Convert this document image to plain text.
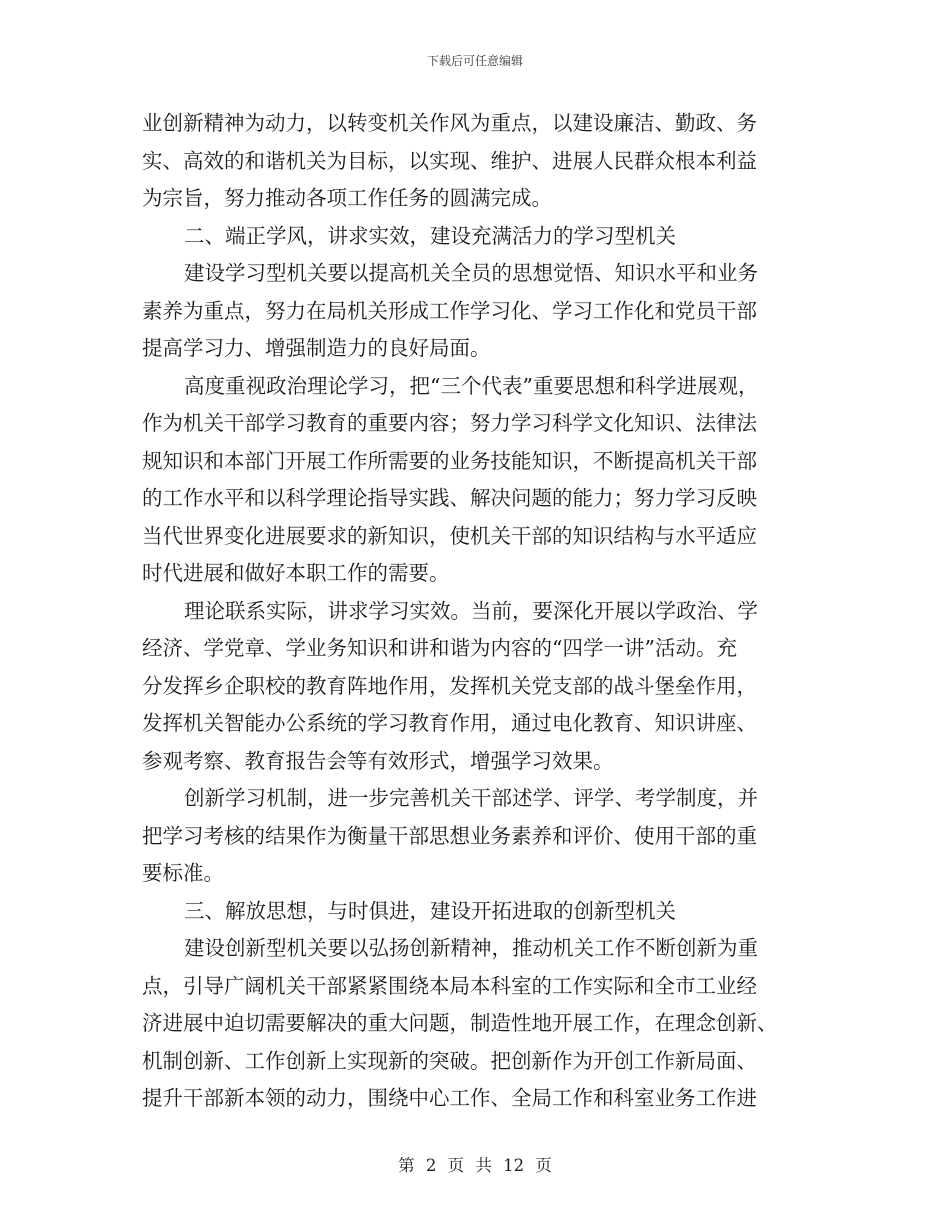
下载后可任意编辑
业创新精神为动力，以转变机关作风为重点，以建设廉洁、勤政、务
实、高效的和谐机关为目标，以实现、维护、进展人民群众根本利益
为宗旨，努力推动各项工作任务的圆满完成。
二、端正学风，讲求实效，建设充满活力的学习型机关
建设学习型机关要以提高机关全员的思想觉悟、知识水平和业务
素养为重点，努力在局机关形成工作学习化、学习工作化和党员干部
提高学习力、增强制造力的良好局面。
高度重视政治理论学习，把“三个代表”重要思想和科学进展观，
作为机关干部学习教育的重要内容；努力学习科学文化知识、法律法
规知识和本部门开展工作所需要的业务技能知识，不断提高机关干部
的工作水平和以科学理论指导实践、解决问题的能力；努力学习反映
当代世界变化进展要求的新知识，使机关干部的知识结构与水平适应
时代进展和做好本职工作的需要。
理论联系实际，讲求学习实效。当前，要深化开展以学政治、学
经济、学党章、学业务知识和讲和谐为内容的“四学一讲”活动。充
分发挥乡企职校的教育阵地作用，发挥机关党支部的战斗堡垒作用，
发挥机关智能办公系统的学习教育作用，通过电化教育、知识讲座、
参观考察、教育报告会等有效形式，增强学习效果。
创新学习机制，进一步完善机关干部述学、评学、考学制度，并
把学习考核的结果作为衡量干部思想业务素养和评价、使用干部的重
要标准。
三、解放思想，与时俱进，建设开拓进取的创新型机关
建设创新型机关要以弘扬创新精神，推动机关工作不断创新为重
点，引导广阔机关干部紧紧围绕本局本科室的工作实际和全市工业经
济进展中迫切需要解决的重大问题，制造性地开展工作，在理念创新、
机制创新、工作创新上实现新的突破。把创新作为开创工作新局面、
提升干部新本领的动力，围绕中心工作、全局工作和科室业务工作进
第 2 页 共 12 页
